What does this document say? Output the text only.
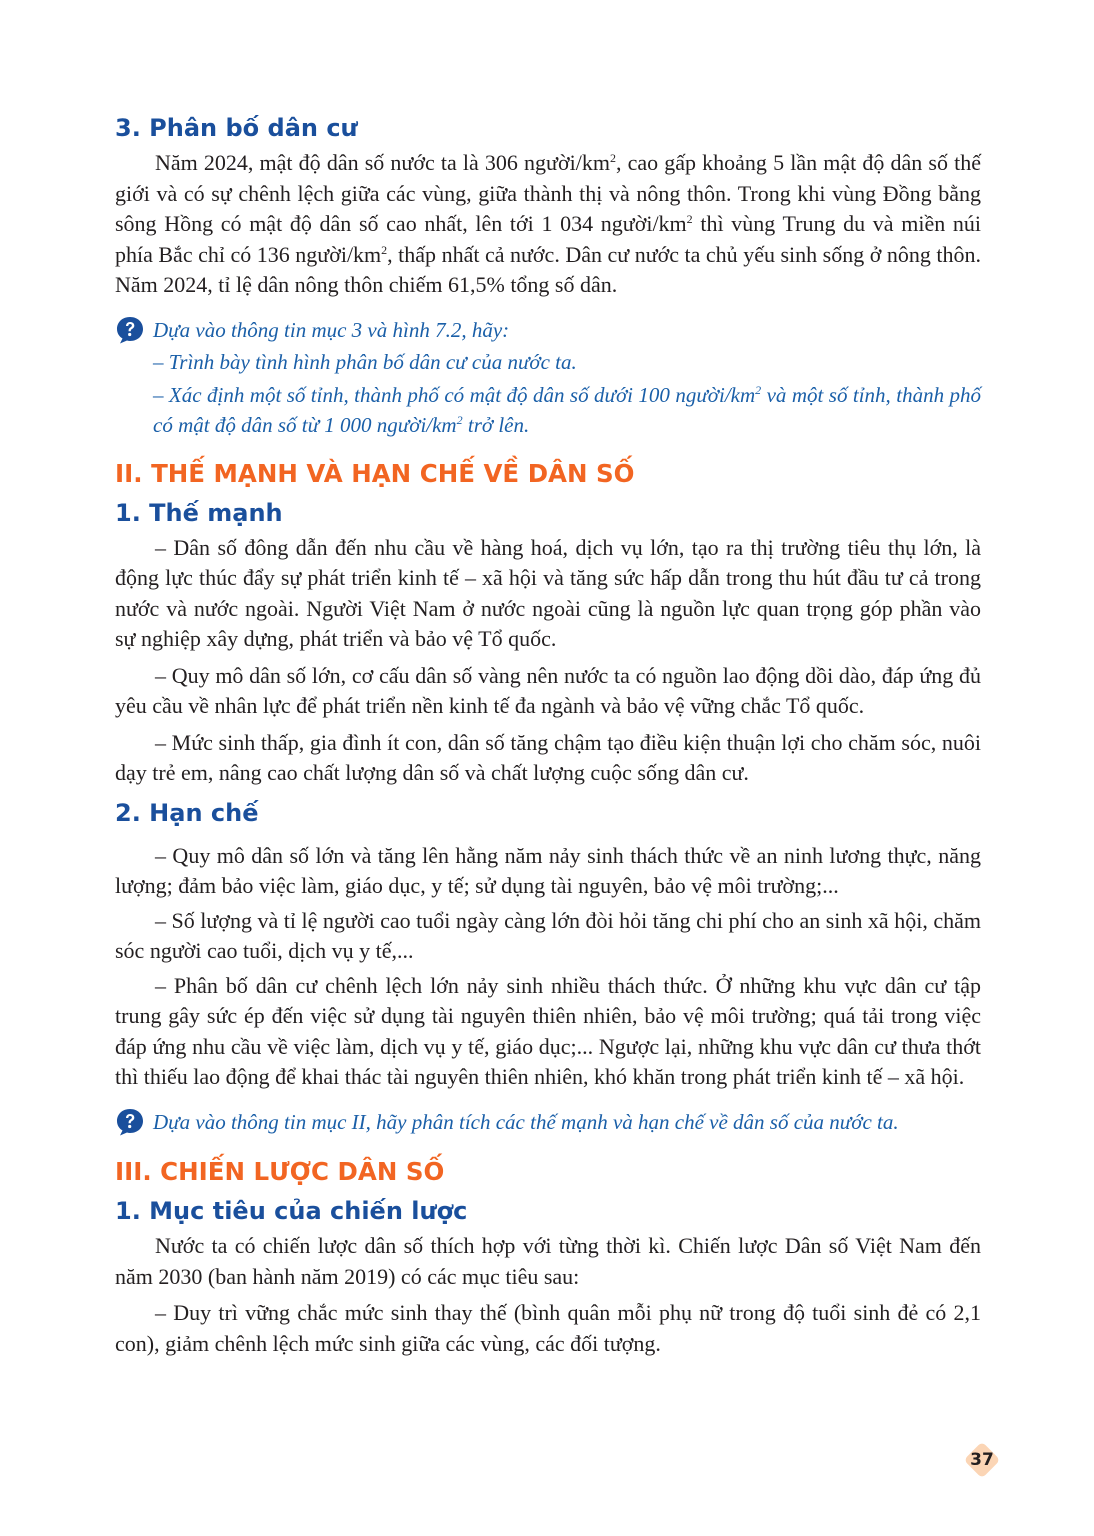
3. Phân bố dân cư

Năm 2024, mật độ dân số nước ta là 306 người/$km^2$, cao gấp khoảng 5 lần mật độ dân số thế giới và có sự chênh lệch giữa các vùng, giữa thành thị và nông thôn. Trong khi vùng Đồng bằng sông Hồng có mật độ dân số cao nhất, lên tới 1 034 người/$km^2$ thì vùng Trung du và miền núi phía Bắc chỉ có 136 người/$km^2$, thấp nhất cả nước. Dân cư nước ta chủ yếu sinh sống ở nông thôn. Năm 2024, tỉ lệ dân nông thôn chiếm 61,5% tổng số dân.

Dựa vào thông tin mục 3 và hình 7.2, hãy:

– Trình bày tình hình phân bố dân cư của nước ta.

– Xác định một số tỉnh, thành phố có mật độ dân số dưới 100 người/$km^2$ và một số tỉnh, thành phố có mật độ dân số từ 1 000 người/$km^2$ trở lên.

II. THẾ MẠNH VÀ HẠN CHẾ VỀ DÂN SỐ
1. Thế mạnh

– Dân số đông dẫn đến nhu cầu về hàng hoá, dịch vụ lớn, tạo ra thị trường tiêu thụ lớn, là động lực thúc đẩy sự phát triển kinh tế – xã hội và tăng sức hấp dẫn trong thu hút đầu tư cả trong nước và nước ngoài. Người Việt Nam ở nước ngoài cũng là nguồn lực quan trọng góp phần vào sự nghiệp xây dựng, phát triển và bảo vệ Tổ quốc.

– Quy mô dân số lớn, cơ cấu dân số vàng nên nước ta có nguồn lao động dồi dào, đáp ứng đủ yêu cầu về nhân lực để phát triển nền kinh tế đa ngành và bảo vệ vững chắc Tổ quốc.

– Mức sinh thấp, gia đình ít con, dân số tăng chậm tạo điều kiện thuận lợi cho chăm sóc, nuôi dạy trẻ em, nâng cao chất lượng dân số và chất lượng cuộc sống dân cư.

2. Hạn chế

– Quy mô dân số lớn và tăng lên hằng năm nảy sinh thách thức về an ninh lương thực, năng lượng; đảm bảo việc làm, giáo dục, y tế; sử dụng tài nguyên, bảo vệ môi trường;...

– Số lượng và tỉ lệ người cao tuổi ngày càng lớn đòi hỏi tăng chi phí cho an sinh xã hội, chăm sóc người cao tuổi, dịch vụ y tế,...

– Phân bố dân cư chênh lệch lớn nảy sinh nhiều thách thức. Ở những khu vực dân cư tập trung gây sức ép đến việc sử dụng tài nguyên thiên nhiên, bảo vệ môi trường; quá tải trong việc đáp ứng nhu cầu về việc làm, dịch vụ y tế, giáo dục;... Ngược lại, những khu vực dân cư thưa thớt thì thiếu lao động để khai thác tài nguyên thiên nhiên, khó khăn trong phát triển kinh tế – xã hội.

Dựa vào thông tin mục II, hãy phân tích các thế mạnh và hạn chế về dân số của nước ta.

III. CHIẾN LƯỢC DÂN SỐ
1. Mục tiêu của chiến lược

Nước ta có chiến lược dân số thích hợp với từng thời kì. Chiến lược Dân số Việt Nam đến năm 2030 (ban hành năm 2019) có các mục tiêu sau:

– Duy trì vững chắc mức sinh thay thế (bình quân mỗi phụ nữ trong độ tuổi sinh đẻ có 2,1 con), giảm chênh lệch mức sinh giữa các vùng, các đối tượng.

37
